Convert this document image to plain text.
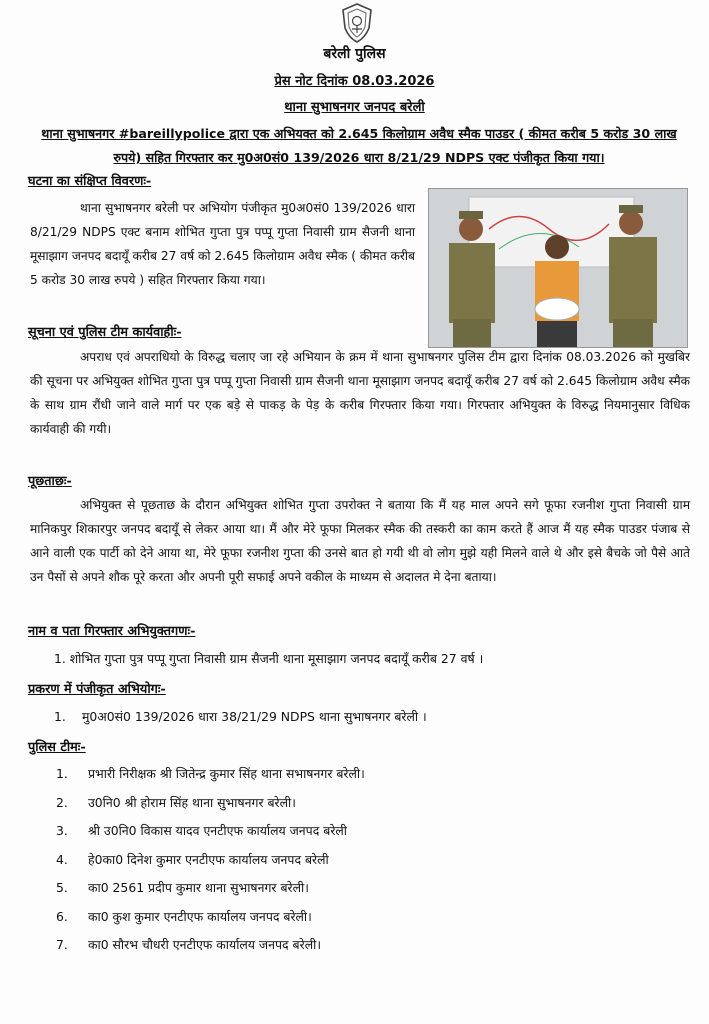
बरेली पुलिस
प्रेस नोट दिनांक 08.03.2026
थाना सुभाषनगर जनपद बरेली
थाना सुभाषनगर #bareillypolice द्वारा एक अभियक्त को 2.645 किलोग्राम अवैध स्मैक पाउडर ( कीमत करीब 5 करोड 30 लाख रुपये) सहित गिरफ्तार कर मु0अ0सं0 139/2026 धारा 8/21/29 NDPS एक्ट पंजीकृत किया गया।
घटना का संक्षिप्त विवरणः-
थाना सुभाषनगर बरेली पर अभियोग पंजीकृत मु0अ0सं0 139/2026 धारा 8/21/29 NDPS एक्ट बनाम शोभित गुप्ता पुत्र पप्पू गुप्ता निवासी ग्राम सैजनी थाना मूसाझाग जनपद बदायूँ करीब 27 वर्ष को 2.645 किलोग्राम अवैध स्मैक ( कीमत करीब 5 करोड 30 लाख रुपये ) सहित गिरफ्तार किया गया।
सूचना एवं पुलिस टीम कार्यवाहीः-
अपराध एवं अपराधियो के विरुद्ध चलाए जा रहे अभियान के क्रम में थाना सुभाषनगर पुलिस टीम द्वारा दिनांक 08.03.2026 को मुखबिर की सूचना पर अभियुक्त शोभित गुप्ता पुत्र पप्पू गुप्ता निवासी ग्राम सैजनी थाना मूसाझाग जनपद बदायूँ करीब 27 वर्ष को 2.645 किलोग्राम अवैध स्मैक के साथ ग्राम रौंधी जाने वाले मार्ग पर एक बड़े से पाकड़ के पेड़ के करीब गिरफ्तार किया गया। गिरफ्तार अभियुक्त के विरुद्ध नियमानुसार विधिक कार्यवाही की गयी।
पूछताछः-
अभियुक्त से पूछताछ के दौरान अभियुक्त शोभित गुप्ता उपरोक्त ने बताया कि मैं यह माल अपने सगे फूफा रजनीश गुप्ता निवासी ग्राम मानिकपुर शिकारपुर जनपद बदायूँ से लेकर आया था। मैं और मेरे फूफा मिलकर स्मैक की तस्करी का काम करते हैं आज मैं यह स्मैक पाउडर पंजाब से आने वाली एक पार्टी को देने आया था, मेरे फूफा रजनीश गुप्ता की उनसे बात हो गयी थी वो लोग मुझे यही मिलने वाले थे और इसे बैचके जो पैसे आते उन पैसों से अपने शौक पूरे करता और अपनी पूरी सफाई अपने वकील के माध्यम से अदालत मे देना बताया।
नाम व पता गिरफ्तार अभियुक्तगणः-
1. शोभित गुप्ता पुत्र पप्पू गुप्ता निवासी ग्राम सैजनी थाना मूसाझाग जनपद बदायूँ करीब 27 वर्ष ।
प्रकरण में पंजीकृत अभियोगः-
1. मु0अ0सं0 139/2026 धारा 38/21/29 NDPS थाना सुभाषनगर बरेली ।
पुलिस टीमः-
1. प्रभारी निरीक्षक श्री जितेन्द्र कुमार सिंह थाना सभाषनगर बरेली।
2. उ0नि0 श्री होराम सिंह थाना सुभाषनगर बरेली।
3. श्री उ0नि0 विकास यादव एनटीएफ कार्यालय जनपद बरेली
4. हे0का0 दिनेश कुमार एनटीएफ कार्यालय जनपद बरेली
5. का0 2561 प्रदीप कुमार थाना सुभाषनगर बरेली।
6. का0 कुश कुमार एनटीएफ कार्यालय जनपद बरेली।
7. का0 सौरभ चौधरी एनटीएफ कार्यालय जनपद बरेली।
